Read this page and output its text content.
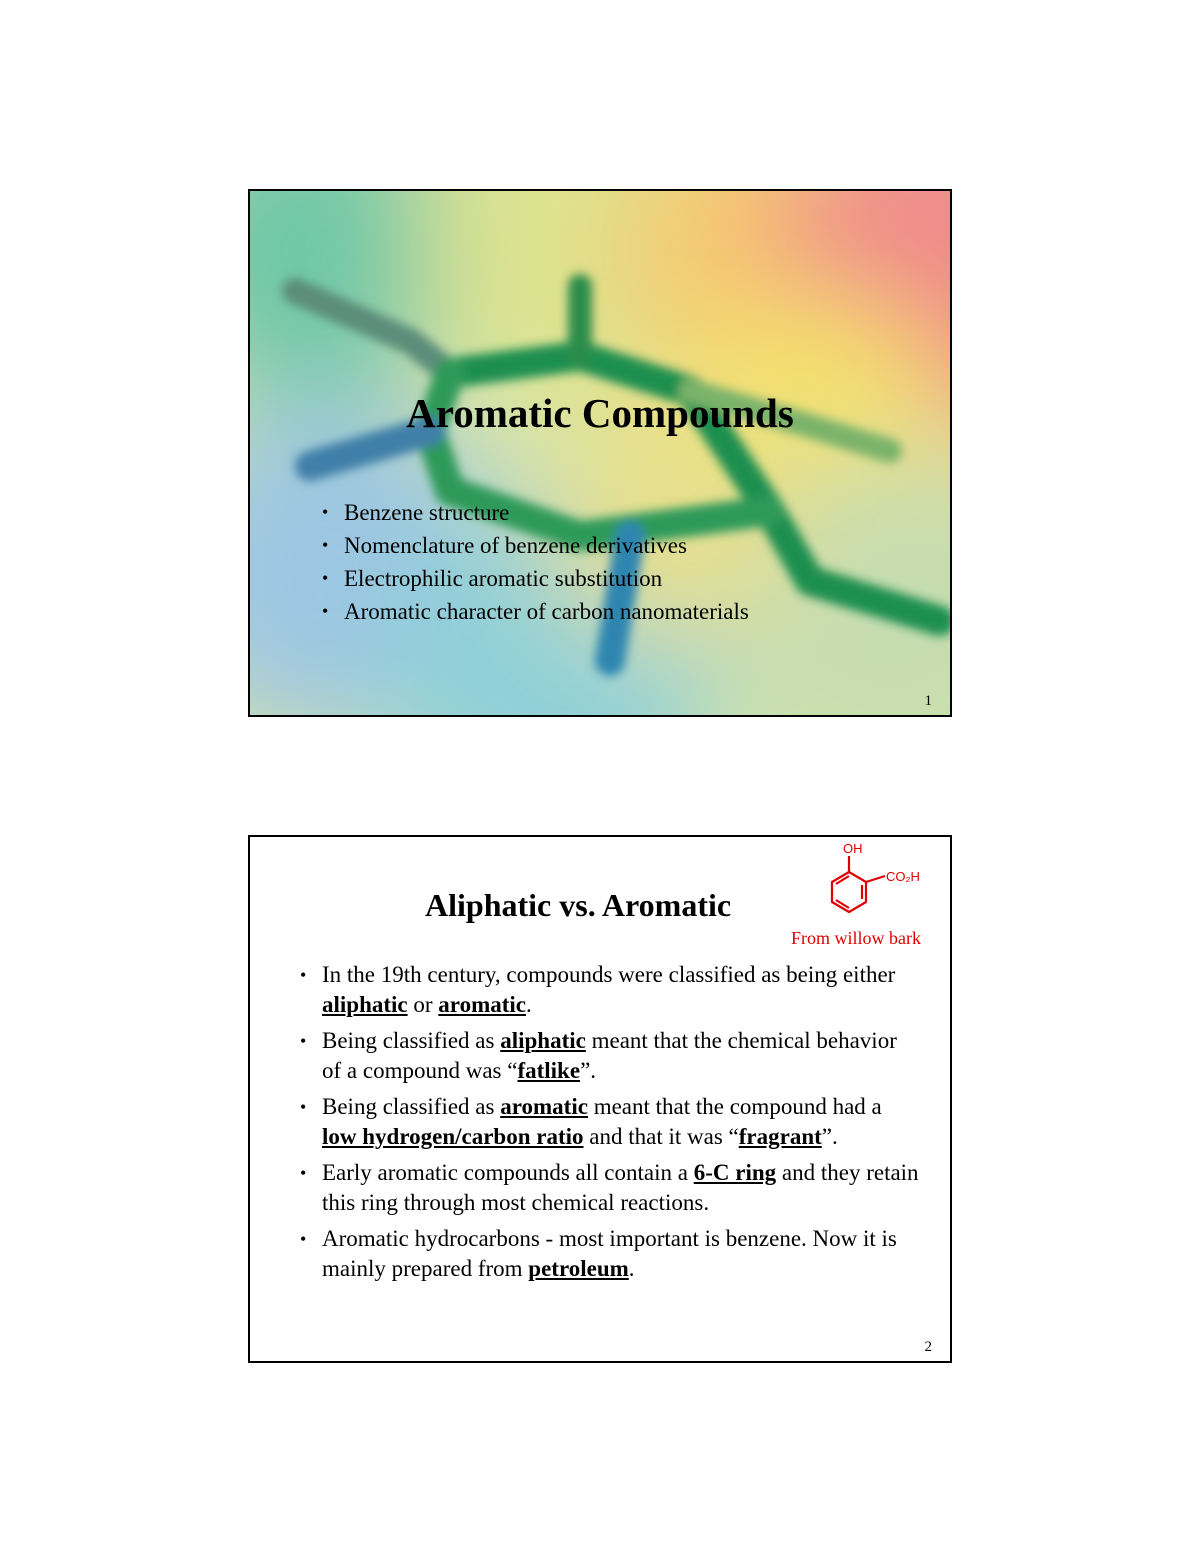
Aromatic Compounds
• Benzene structure
• Nomenclature of benzene derivatives
• Electrophilic aromatic substitution
• Aromatic character of carbon nanomaterials
1
Aliphatic vs. Aromatic
OH
CO₂H
From willow bark
• In the 19th century, compounds were classified as being either aliphatic or aromatic.
• Being classified as aliphatic meant that the chemical behavior of a compound was “fatlike”.
• Being classified as aromatic meant that the compound had a low hydrogen/carbon ratio and that it was “fragrant”.
• Early aromatic compounds all contain a 6-C ring and they retain this ring through most chemical reactions.
• Aromatic hydrocarbons - most important is benzene. Now it is mainly prepared from petroleum.
2
